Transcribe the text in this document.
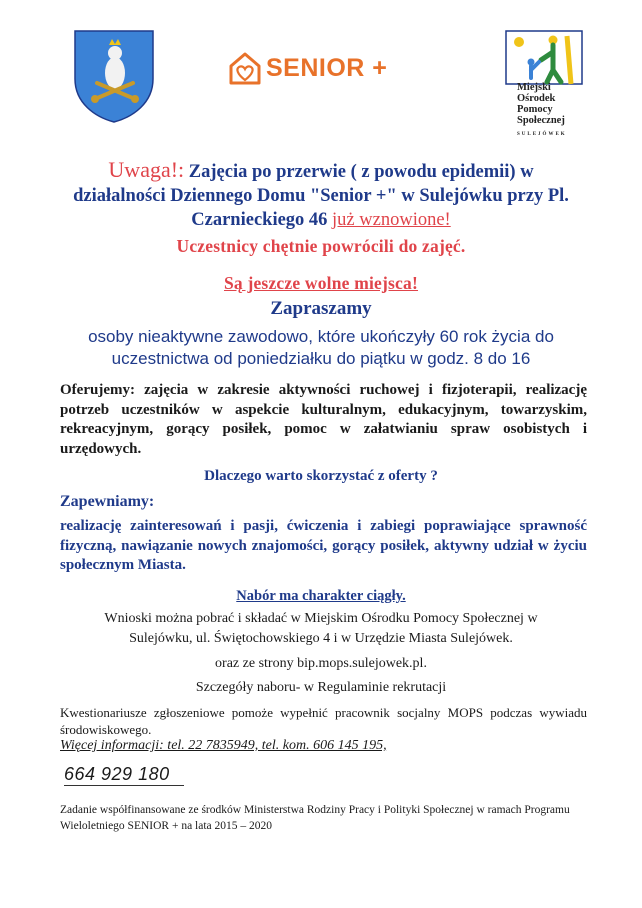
SENIOR +
Miejski
Ośrodek
Pomocy
Społecznej
SULEJÓWEK
Uwaga!: Zajęcia po przerwie ( z powodu epidemii) w działalności Dziennego Domu "Senior +" w Sulejówku przy Pl. Czarnieckiego 46 już wznowione!
Uczestnicy chętnie powrócili do zajęć.
Są jeszcze wolne miejsca!
Zapraszamy
osoby nieaktywne zawodowo, które ukończyły 60 rok życia do
uczestnictwa od poniedziałku do piątku w godz. 8 do 16
Oferujemy: zajęcia w zakresie aktywności ruchowej i fizjoterapii, realizację potrzeb uczestników w aspekcie kulturalnym, edukacyjnym, towarzyskim, rekreacyjnym, gorący posiłek, pomoc w załatwianiu spraw osobistych i urzędowych.
Dlaczego warto skorzystać z oferty ?
Zapewniamy:
realizację zainteresowań i pasji, ćwiczenia i zabiegi poprawiające sprawność fizyczną, nawiązanie nowych znajomości, gorący posiłek, aktywny udział w życiu społecznym Miasta.
Nabór ma charakter ciągły.
Wnioski można pobrać i składać w Miejskim Ośrodku Pomocy Społecznej w
Sulejówku, ul. Świętochowskiego 4 i w Urzędzie Miasta Sulejówek.
oraz ze strony bip.mops.sulejowek.pl.
Szczegóły naboru- w Regulaminie rekrutacji
Kwestionariusze zgłoszeniowe pomoże wypełnić pracownik socjalny MOPS podczas wywiadu środowiskowego.
Więcej informacji: tel. 22 7835949, tel. kom. 606 145 195,
664 929 180
Zadanie współfinansowane ze środków Ministerstwa Rodziny Pracy i Polityki Społecznej w ramach Programu Wieloletniego SENIOR + na lata 2015 – 2020
